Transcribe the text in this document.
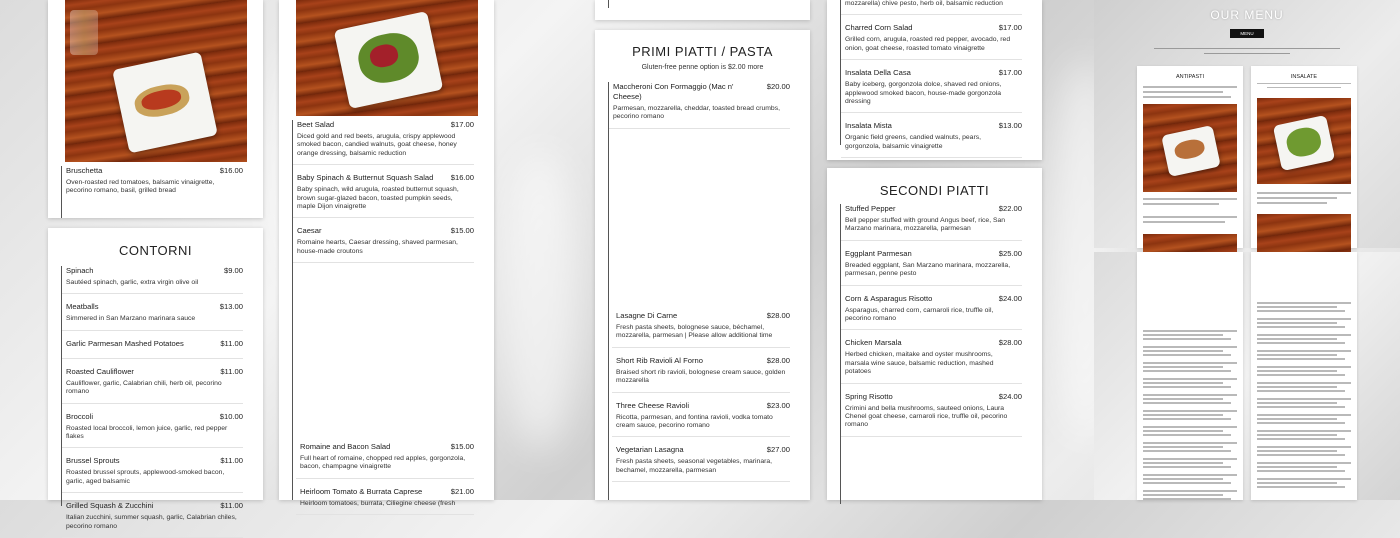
Bruschetta	$16.00
Oven-roasted red tomatoes, balsamic vinaigrette, pecorino romano, basil, grilled bread
CONTORNI
Spinach	$9.00
Sautéed spinach, garlic, extra virgin olive oil
Meatballs	$13.00
Simmered in San Marzano marinara sauce
Garlic Parmesan Mashed Potatoes	$11.00
Roasted Cauliflower	$11.00
Cauliflower, garlic, Calabrian chili, herb oil, pecorino romano
Broccoli	$10.00
Roasted local broccoli, lemon juice, garlic, red pepper flakes
Brussel Sprouts	$11.00
Roasted brussel sprouts, applewood-smoked bacon, garlic, aged balsamic
Grilled Squash & Zucchini	$11.00
Italian zucchini, summer squash, garlic, Calabrian chiles, pecorino romano
Beet Salad	$17.00
Diced gold and red beets, arugula, crispy applewood smoked bacon, candied walnuts, goat cheese, honey orange dressing, balsamic reduction
Baby Spinach & Butternut Squash Salad	$16.00
Baby spinach, wild arugula, roasted butternut squash, brown sugar-glazed bacon, toasted pumpkin seeds, maple Dijon vinaigrette
Caesar	$15.00
Romaine hearts, Caesar dressing, shaved parmesan, house-made croutons
Romaine and Bacon Salad	$15.00
Full heart of romaine, chopped red apples, gorgonzola, bacon, champagne vinaigrette
Heirloom Tomato & Burrata Caprese	$21.00
Heirloom tomatoes, burrata, Ciliegine cheese (fresh
PRIMI PIATTI / PASTA
Gluten-free penne option is $2.00 more
Maccheroni Con Formaggio (Mac n' Cheese)
$20.00
Parmesan, mozzarella, cheddar, toasted bread crumbs, pecorino romano
Lasagne Di Carne	$28.00
Fresh pasta sheets, bolognese sauce, béchamel, mozzarella, parmesan | Please allow additional time
Short Rib Ravioli Al Forno	$28.00
Braised short rib ravioli, bolognese cream sauce, golden mozzarella
Three Cheese Ravioli	$23.00
Ricotta, parmesan, and fontina ravioli, vodka tomato cream sauce, pecorino romano
Vegetarian Lasagna	$27.00
Fresh pasta sheets, seasonal vegetables, marinara, bechamel, mozzarella, parmesan
mozzarella) chive pesto, herb oil, balsamic reduction
Charred Corn Salad	$17.00
Grilled corn, arugula, roasted red pepper, avocado, red onion, goat cheese, roasted tomato vinaigrette
Insalata Della Casa	$17.00
Baby iceberg, gorgonzola dolce, shaved red onions, applewood smoked bacon, house-made gorgonzola dressing
Insalata Mista	$13.00
Organic field greens, candied walnuts, pears, gorgonzola, balsamic vinaigrette
SECONDI PIATTI
Stuffed Pepper	$22.00
Bell pepper stuffed with ground Angus beef, rice, San Marzano marinara, mozzarella, parmesan
Eggplant Parmesan	$25.00
Breaded eggplant, San Marzano marinara, mozzarella, parmesan, penne pesto
Corn & Asparagus Risotto	$24.00
Asparagus, charred corn, carnaroli rice, truffle oil, pecorino romano
Chicken Marsala	$28.00
Herbed chicken, maitake and oyster mushrooms, marsala wine sauce, balsamic reduction, mashed potatoes
Spring Risotto	$24.00
Crimini and bella mushrooms, sauteed onions, Laura Chenel goat cheese, carnaroli rice, truffle oil, pecorino romano
OUR MENU
MENU
ANTIPASTI	INSALATE
